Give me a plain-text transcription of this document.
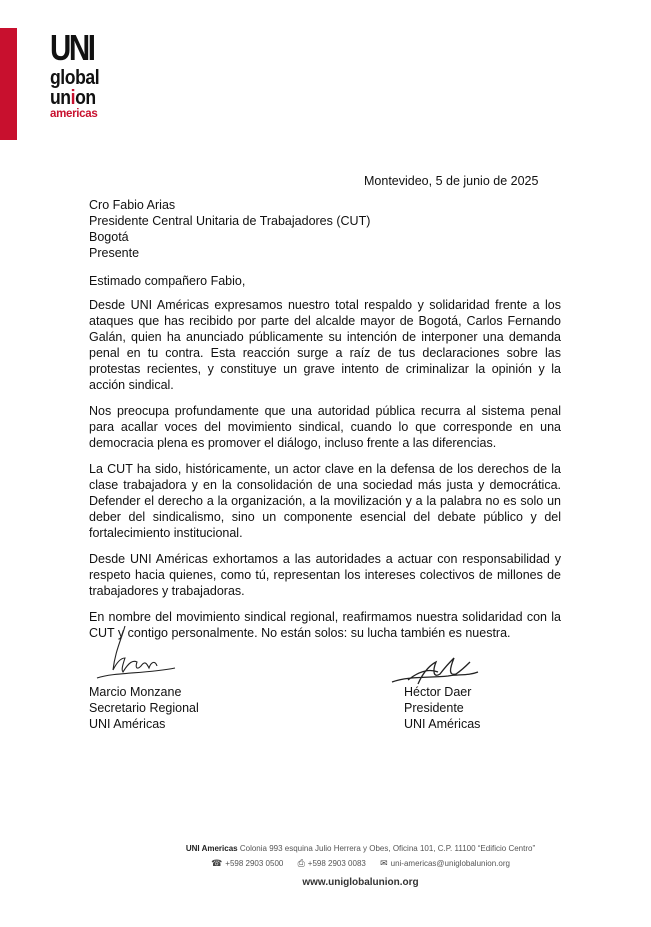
UNI
global
union
americas
Montevideo, 5 de junio de 2025
Cro Fabio Arias
Presidente Central Unitaria de Trabajadores (CUT)
Bogotá
Presente
Estimado compañero Fabio,

Desde UNI Américas expresamos nuestro total respaldo y solidaridad frente a los ataques que has recibido por parte del alcalde mayor de Bogotá, Carlos Fernando Galán, quien ha anunciado públicamente su intención de interponer una demanda penal en tu contra. Esta reacción surge a raíz de tus declaraciones sobre las protestas recientes, y constituye un grave intento de criminalizar la opinión y la acción sindical.

Nos preocupa profundamente que una autoridad pública recurra al sistema penal para acallar voces del movimiento sindical, cuando lo que corresponde en una democracia plena es promover el diálogo, incluso frente a las diferencias.

La CUT ha sido, históricamente, un actor clave en la defensa de los derechos de la clase trabajadora y en la consolidación de una sociedad más justa y democrática. Defender el derecho a la organización, a la movilización y a la palabra no es solo un deber del sindicalismo, sino un componente esencial del debate público y del fortalecimiento institucional.

Desde UNI Américas exhortamos a las autoridades a actuar con responsabilidad y respeto hacia quienes, como tú, representan los intereses colectivos de millones de trabajadores y trabajadoras.

En nombre del movimiento sindical regional, reafirmamos nuestra solidaridad con la CUT y contigo personalmente. No están solos: su lucha también es nuestra.

Marcio Monzane
Secretario Regional
UNI Américas
Héctor Daer
Presidente
UNI Américas
UNI Americas Colonia 993 esquina Julio Herrera y Obes, Oficina 101, C.P. 11100 “Edificio Centro”
☎ +598 2903 0500 ⎙ +598 2903 0083 ✉ uni-americas@uniglobalunion.org
www.uniglobalunion.org
